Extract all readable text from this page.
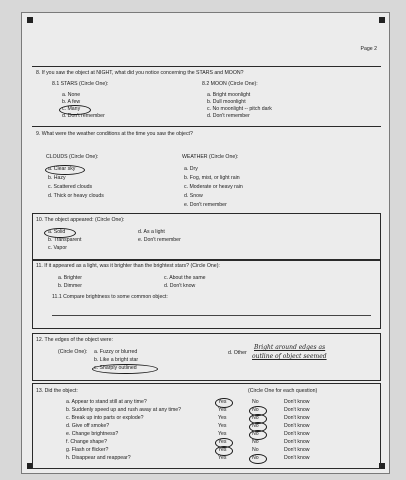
Page 2
8. If you saw the object at NIGHT, what did you notice concerning the STARS and MOON?
8.1 STARS (Circle One):
a. None
b. A few
c. Many
d. Don't remember
8.2 MOON (Circle One):
a. Bright moonlight
b. Dull moonlight
c. No moonlight -- pitch dark
d. Don't remember
9. What were the weather conditions at the time you saw the object?
CLOUDS (Circle One):
a. Clear sky
b. Hazy
c. Scattered clouds
d. Thick or heavy clouds
WEATHER (Circle One):
a. Dry
b. Fog, mist, or light rain
c. Moderate or heavy rain
d. Snow
e. Don't remember
10. The object appeared: (Circle One):
a. Solid
b. Transparent
c. Vapor
d. As a light
e. Don't remember
11. If it appeared as a light, was it brighter than the brightest stars? (Circle One):
a. Brighter
b. Dimmer
c. About the same
d. Don't know
11.1 Compare brightness to some common object:
12. The edges of the object were:
(Circle One): a. Fuzzy or blurred
b. Like a bright star
c. Sharply outlined
d. Other
Bright around edges as
outline of object seemed
13. Did the object:	(Circle One for each question)
a. Appear to stand still at any time?	Yes	No	Don't know
b. Suddenly speed up and rush away at any time?	Yes	No	Don't know
c. Break up into parts or explode?	Yes	No	Don't know
d. Give off smoke?	Yes	No	Don't know
e. Change brightness?	Yes	No	Don't know
f. Change shape?	Yes	No	Don't know
g. Flash or flicker?	Yes	No	Don't know
h. Disappear and reappear?	Yes	No	Don't know
